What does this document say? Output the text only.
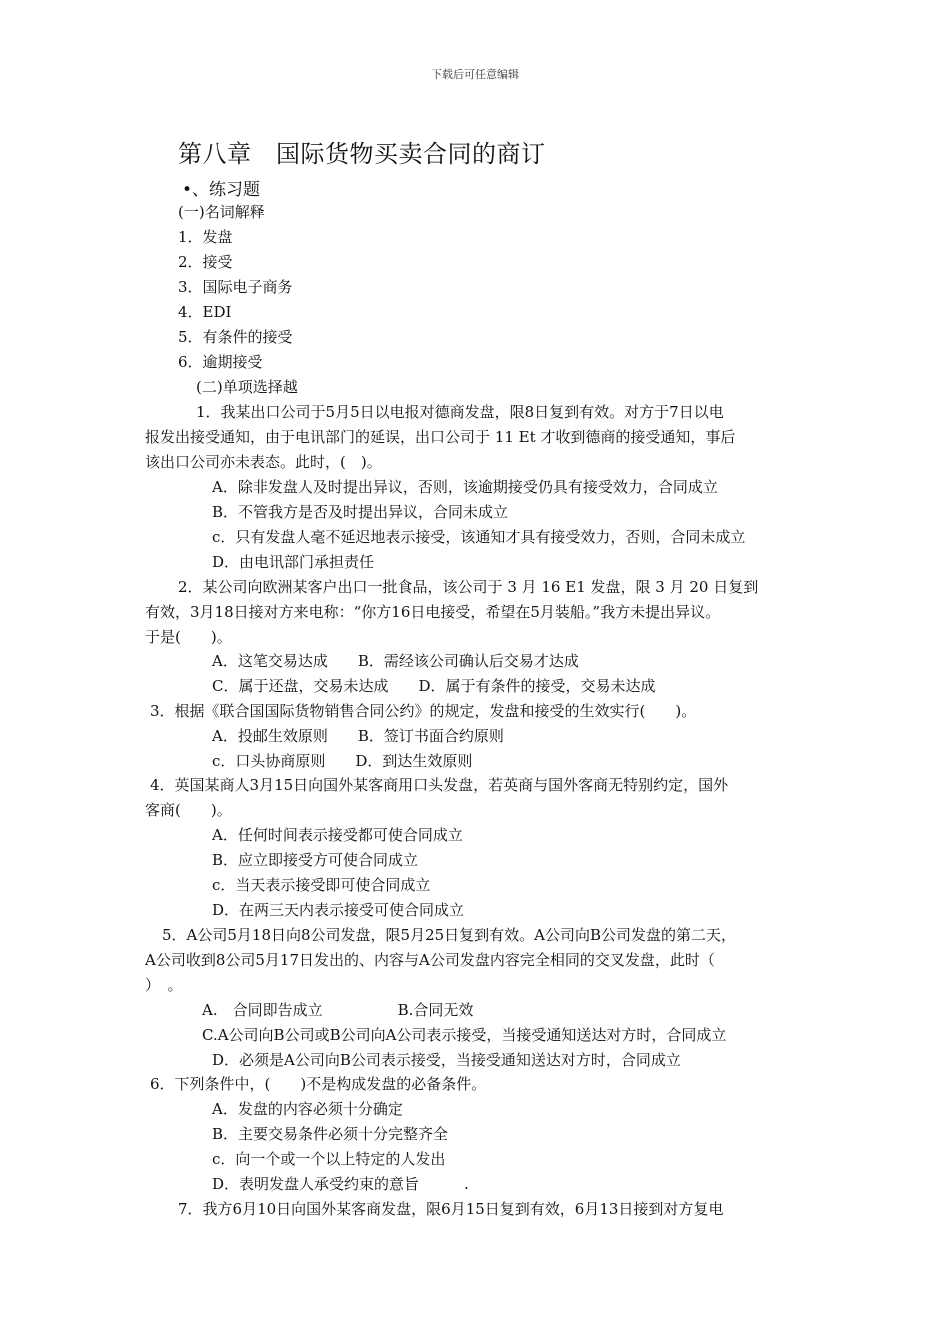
下载后可任意编辑
第八章　国际货物买卖合同的商订
•、练习题
(一)名词解释
1．发盘
2．接受
3．国际电子商务
4．EDI
5．有条件的接受
6．逾期接受
(二)单项选择越
1．我某出口公司于5月5日以电报对德商发盘，限8日复到有效。对方于7日以电
报发出接受通知，由于电讯部门的延误，出口公司于 11 Et 才收到德商的接受通知，事后
该出口公司亦未表态。此时，(　)。
A．除非发盘人及时提出异议，否则，该逾期接受仍具有接受效力，合同成立
B．不管我方是否及时提出异议，合同未成立
c．只有发盘人毫不延迟地表示接受，该通知才具有接受效力，否则，合同未成立
D．由电讯部门承担责任
2．某公司向欧洲某客户出口一批食品，该公司于 3 月 16 E1 发盘，限 3 月 20 日复到
有效，3月18日接对方来电称：“你方16日电接受，希望在5月装船。”我方未提出异议。
于是(　　)。
A．这笔交易达成　　B．需经该公司确认后交易才达成
C．属于还盘，交易未达成　　D．属于有条件的接受，交易未达成
3．根据《联合国国际货物销售合同公约》的规定，发盘和接受的生效实行(　　)。
A．投邮生效原则　　B．签订书面合约原则
c．口头协商原则　　D．到达生效原则
4．英国某商人3月15日向国外某客商用口头发盘，若英商与国外客商无特别约定，国外
客商(　　)。
A．任何时间表示接受都可使合同成立
B．应立即接受方可使合同成立
c．当天表示接受即可使合同成立
D．在两三天内表示接受可使合同成立
5．A公司5月18日向8公司发盘，限5月25日复到有效。A公司向B公司发盘的第二天，
A公司收到8公司5月17日发出的、内容与A公司发盘内容完全相同的交叉发盘，此时（
）　。
A.　合同即告成立　　　　　B.合同无效
C.A公司向B公司或B公司向A公司表示接受，当接受通知送达对方时，合同成立
D．必须是A公司向B公司表示接受，当接受通知送达对方时，合同成立
6．下列条件中，(　　)不是构成发盘的必备条件。
A．发盘的内容必须十分确定
B．主要交易条件必须十分完整齐全
c．向一个或一个以上特定的人发出
D．表明发盘人承受约束的意旨　　　.
7．我方6月10日向国外某客商发盘，限6月15日复到有效，6月13日接到对方复电
